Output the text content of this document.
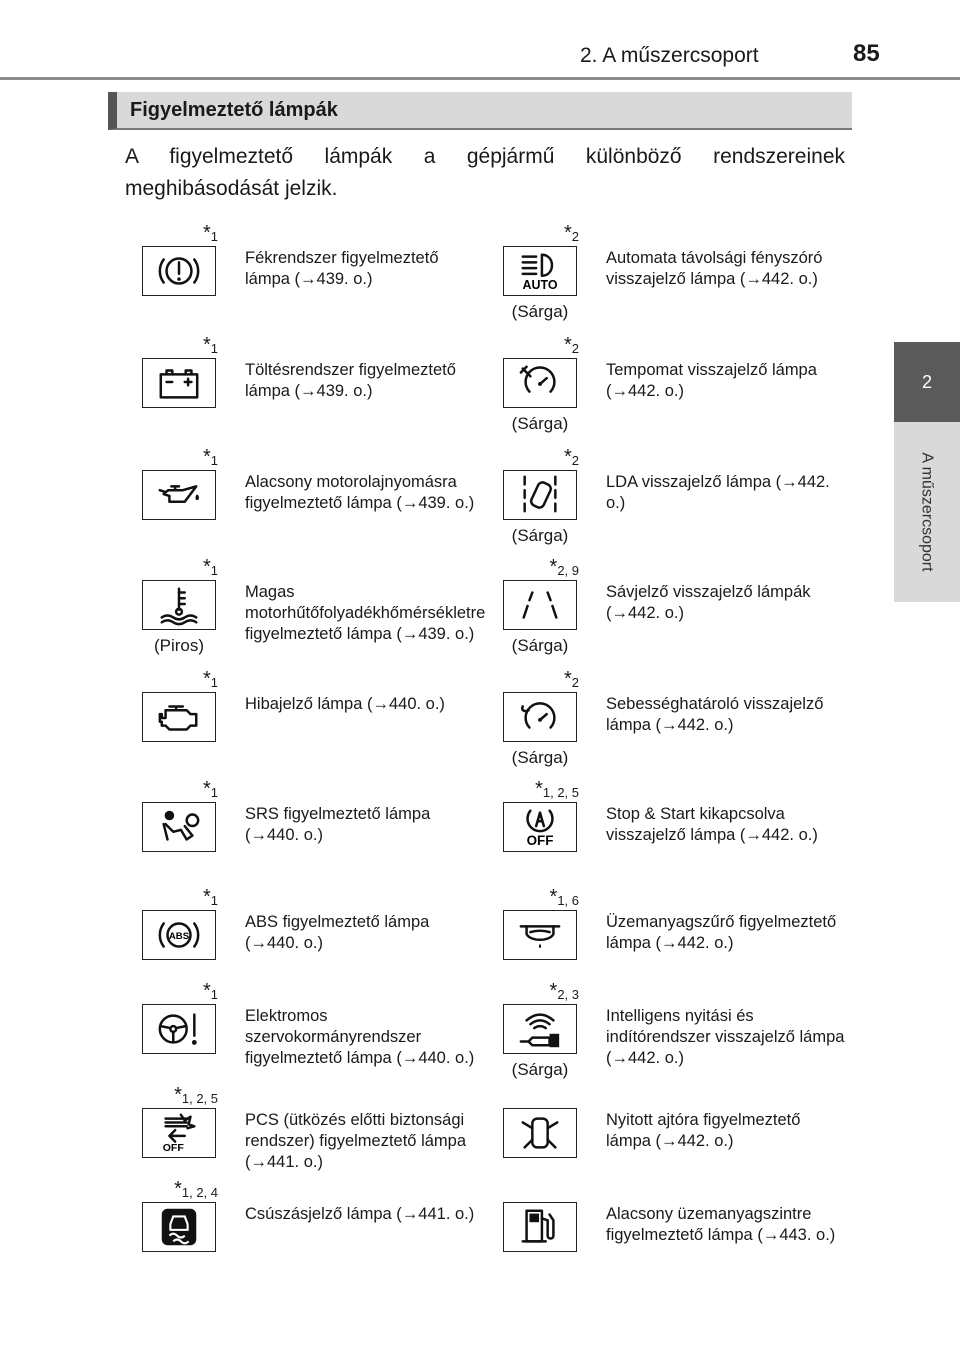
2. A műszercsoport	85
2
A műszercsoport
Figyelmeztető lámpák
A figyelmeztető lámpák a gépjármű különböző rendszereinek meghibásodását jelzik.
$*_1$
Fékrendszer figyelmeztető lámpa (→439. o.)
$*_2$
AUTO
(Sárga)
Automata távolsági fényszóró visszajelző lámpa (→442. o.)
$*_1$
Töltésrendszer figyelmeztető lámpa (→439. o.)
$*_2$
(Sárga)
Tempomat visszajelző lámpa (→442. o.)
$*_1$
Alacsony motorolajnyomásra figyelmeztető lámpa (→439. o.)
$*_2$
(Sárga)
LDA visszajelző lámpa (→442. o.)
$*_1$
(Piros)
Magas motorhűtőfolyadékhőmérsékletre figyelmeztető lámpa (→439. o.)
$*_{2, 9}$
(Sárga)
Sávjelző visszajelző lámpák (→442. o.)
$*_1$
Hibajelző lámpa (→440. o.)
$*_2$
(Sárga)
Sebességhatároló visszajelző lámpa (→442. o.)
$*_1$
SRS figyelmeztető lámpa (→440. o.)
$*_{1, 2, 5}$
OFF
Stop & Start kikapcsolva visszajelző lámpa (→442. o.)
$*_1$
ABS
ABS figyelmeztető lámpa (→440. o.)
$*_{1, 6}$
Üzemanyagszűrő figyelmeztető lámpa (→442. o.)
$*_1$
Elektromos szervokormányrendszer figyelmeztető lámpa (→440. o.)
$*_{2, 3}$
(Sárga)
Intelligens nyitási és indítórendszer visszajelző lámpa (→442. o.)
$*_{1, 2, 5}$
OFF
PCS (ütközés előtti biztonsági rendszer) figyelmeztető lámpa (→441. o.)
Nyitott ajtóra figyelmeztető lámpa (→442. o.)
$*_{1, 2, 4}$
Csúszásjelző lámpa (→441. o.)	Alacsony üzemanyagszintre figyelmeztető lámpa (→443. o.)
